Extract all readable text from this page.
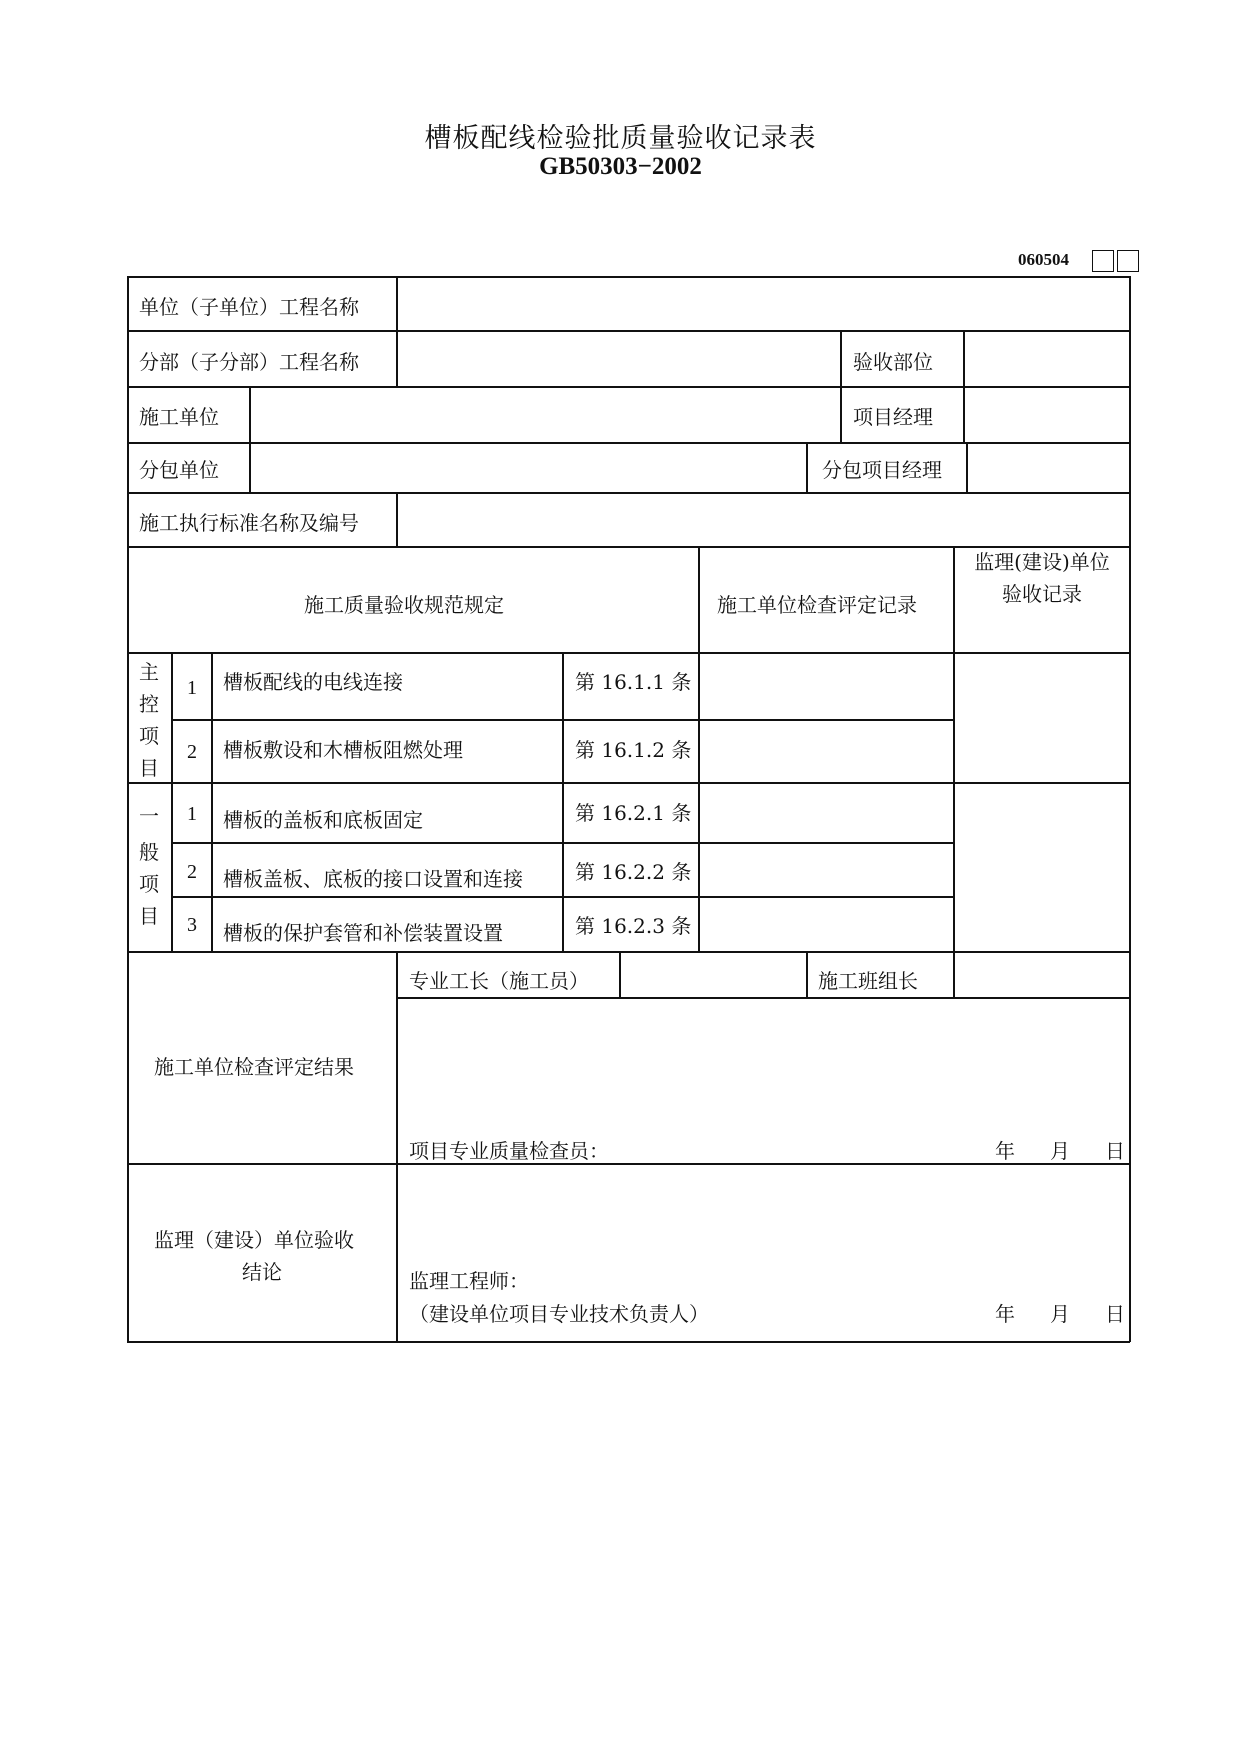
槽板配线检验批质量验收记录表
GB50303−2002
060504
单位（子单位）工程名称
分部（子分部）工程名称	验收部位
施工单位	项目经理
分包单位	分包项目经理
施工执行标准名称及编号
施工质量验收规范规定	施工单位检查评定记录
监理(建设)单位
验收记录
主
控
项
目
1	槽板配线的电线连接	第 16.1.1 条
2	槽板敷设和木槽板阻燃处理	第 16.1.2 条
一
般
项
目
1	槽板的盖板和底板固定	第 16.2.1 条
2	槽板盖板、底板的接口设置和连接	第 16.2.2 条
3	槽板的保护套管和补偿装置设置	第 16.2.3 条
专业工长（施工员）	施工班组长
施工单位检查评定结果
项目专业质量检查员：	年 月 日
监理（建设）单位验收
结论	监理工程师：
（建设单位项目专业技术负责人）	年 月 日
